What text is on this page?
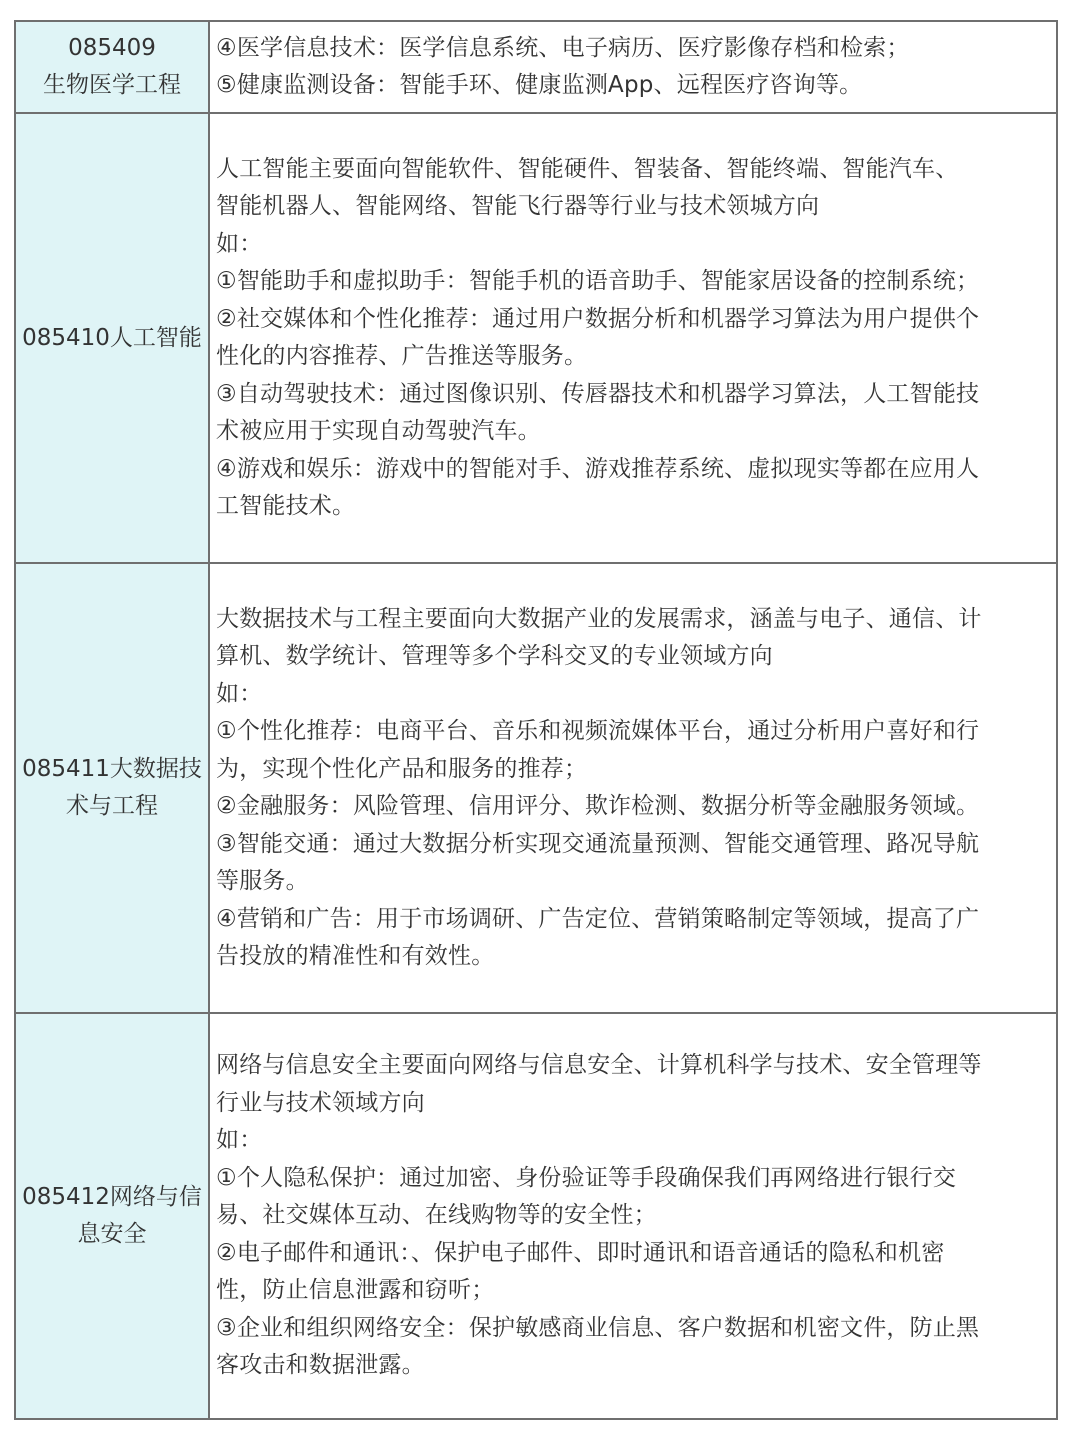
085409
生物医学工程
④医学信息技术：医学信息系统、电子病历、医疗影像存档和检索；
⑤健康监测设备：智能手环、健康监测App、远程医疗咨询等。
085410人工智能
人工智能主要面向智能软件、智能硬件、智装备、智能终端、智能汽车、
智能机器人、智能网络、智能飞行器等行业与技术领城方向
如：
①智能助手和虚拟助手：智能手机的语音助手、智能家居设备的控制系统；
②社交媒体和个性化推荐：通过用户数据分析和机器学习算法为用户提供个
性化的内容推荐、广告推送等服务。
③自动驾驶技术：通过图像识别、传唇器技术和机器学习算法，人工智能技
术被应用于实现自动驾驶汽车。
④游戏和娱乐：游戏中的智能对手、游戏推荐系统、虚拟现实等都在应用人
工智能技术。
085411大数据技
术与工程
大数据技术与工程主要面向大数据产业的发展需求，涵盖与电子、通信、计
算机、数学统计、管理等多个学科交叉的专业领域方向
如：
①个性化推荐：电商平台、音乐和视频流媒体平台，通过分析用户喜好和行
为，实现个性化产品和服务的推荐；
②金融服务：风险管理、信用评分、欺诈检测、数据分析等金融服务领域。
③智能交通：通过大数据分析实现交通流量预测、智能交通管理、路况导航
等服务。
④营销和广告：用于市场调研、广告定位、营销策略制定等领域，提高了广
告投放的精准性和有效性。
085412网络与信
息安全
网络与信息安全主要面向网络与信息安全、计算机科学与技术、安全管理等
行业与技术领域方向
如：
①个人隐私保护：通过加密、身份验证等手段确保我们再网络进行银行交
易、社交媒体互动、在线购物等的安全性；
②电子邮件和通讯：、保护电子邮件、即时通讯和语音通话的隐私和机密
性，防止信息泄露和窃听；
③企业和组织网络安全：保护敏感商业信息、客户数据和机密文件，防止黑
客攻击和数据泄露。
